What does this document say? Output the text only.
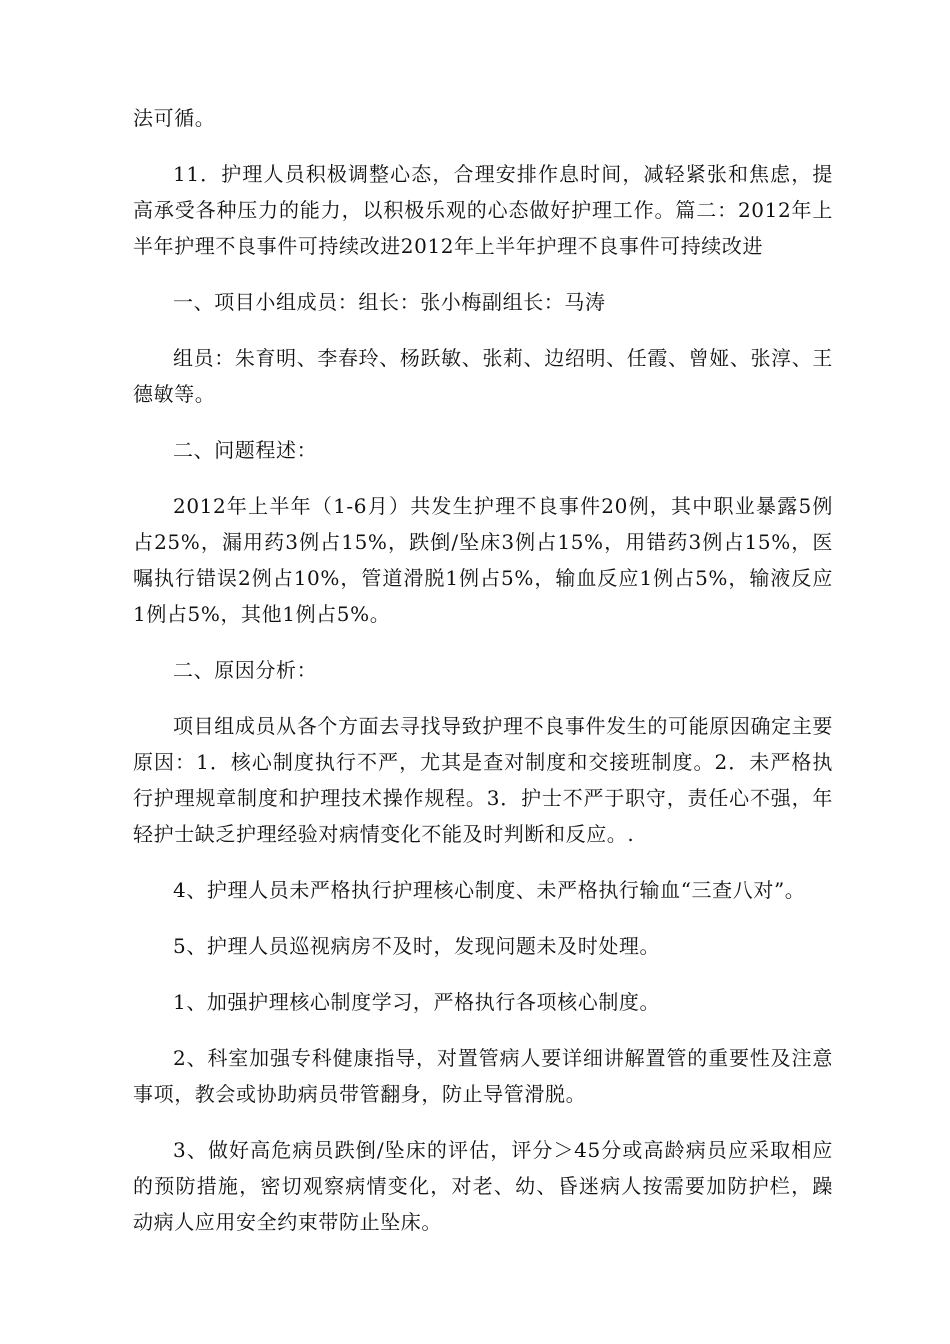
法可循。

11．护理人员积极调整心态，合理安排作息时间，减轻紧张和焦虑，提高承受各种压力的能力，以积极乐观的心态做好护理工作。篇二：2012年上半年护理不良事件可持续改进2012年上半年护理不良事件可持续改进

一、项目小组成员：组长：张小梅副组长：马涛

组员：朱育明、李春玲、杨跃敏、张莉、边绍明、任霞、曾娅、张淳、王德敏等。

二、问题程述：

2012年上半年（1-6月）共发生护理不良事件20例，其中职业暴露5例占25%，漏用药3例占15%，跌倒/坠床3例占15%，用错药3例占15%，医嘱执行错误2例占10%，管道滑脱1例占5%，输血反应1例占5%，输液反应1例占5%，其他1例占5%。

二、原因分析：

项目组成员从各个方面去寻找导致护理不良事件发生的可能原因确定主要原因：1．核心制度执行不严，尤其是查对制度和交接班制度。2．未严格执行护理规章制度和护理技术操作规程。3．护士不严于职守，责任心不强，年轻护士缺乏护理经验对病情变化不能及时判断和反应。.

4、护理人员未严格执行护理核心制度、未严格执行输血“三查八对”。

5、护理人员巡视病房不及时，发现问题未及时处理。

1、加强护理核心制度学习，严格执行各项核心制度。

2、科室加强专科健康指导，对置管病人要详细讲解置管的重要性及注意事项，教会或协助病员带管翻身，防止导管滑脱。

3、做好高危病员跌倒/坠床的评估，评分＞45分或高龄病员应采取相应的预防措施，密切观察病情变化，对老、幼、昏迷病人按需要加防护栏，躁动病人应用安全约束带防止坠床。
